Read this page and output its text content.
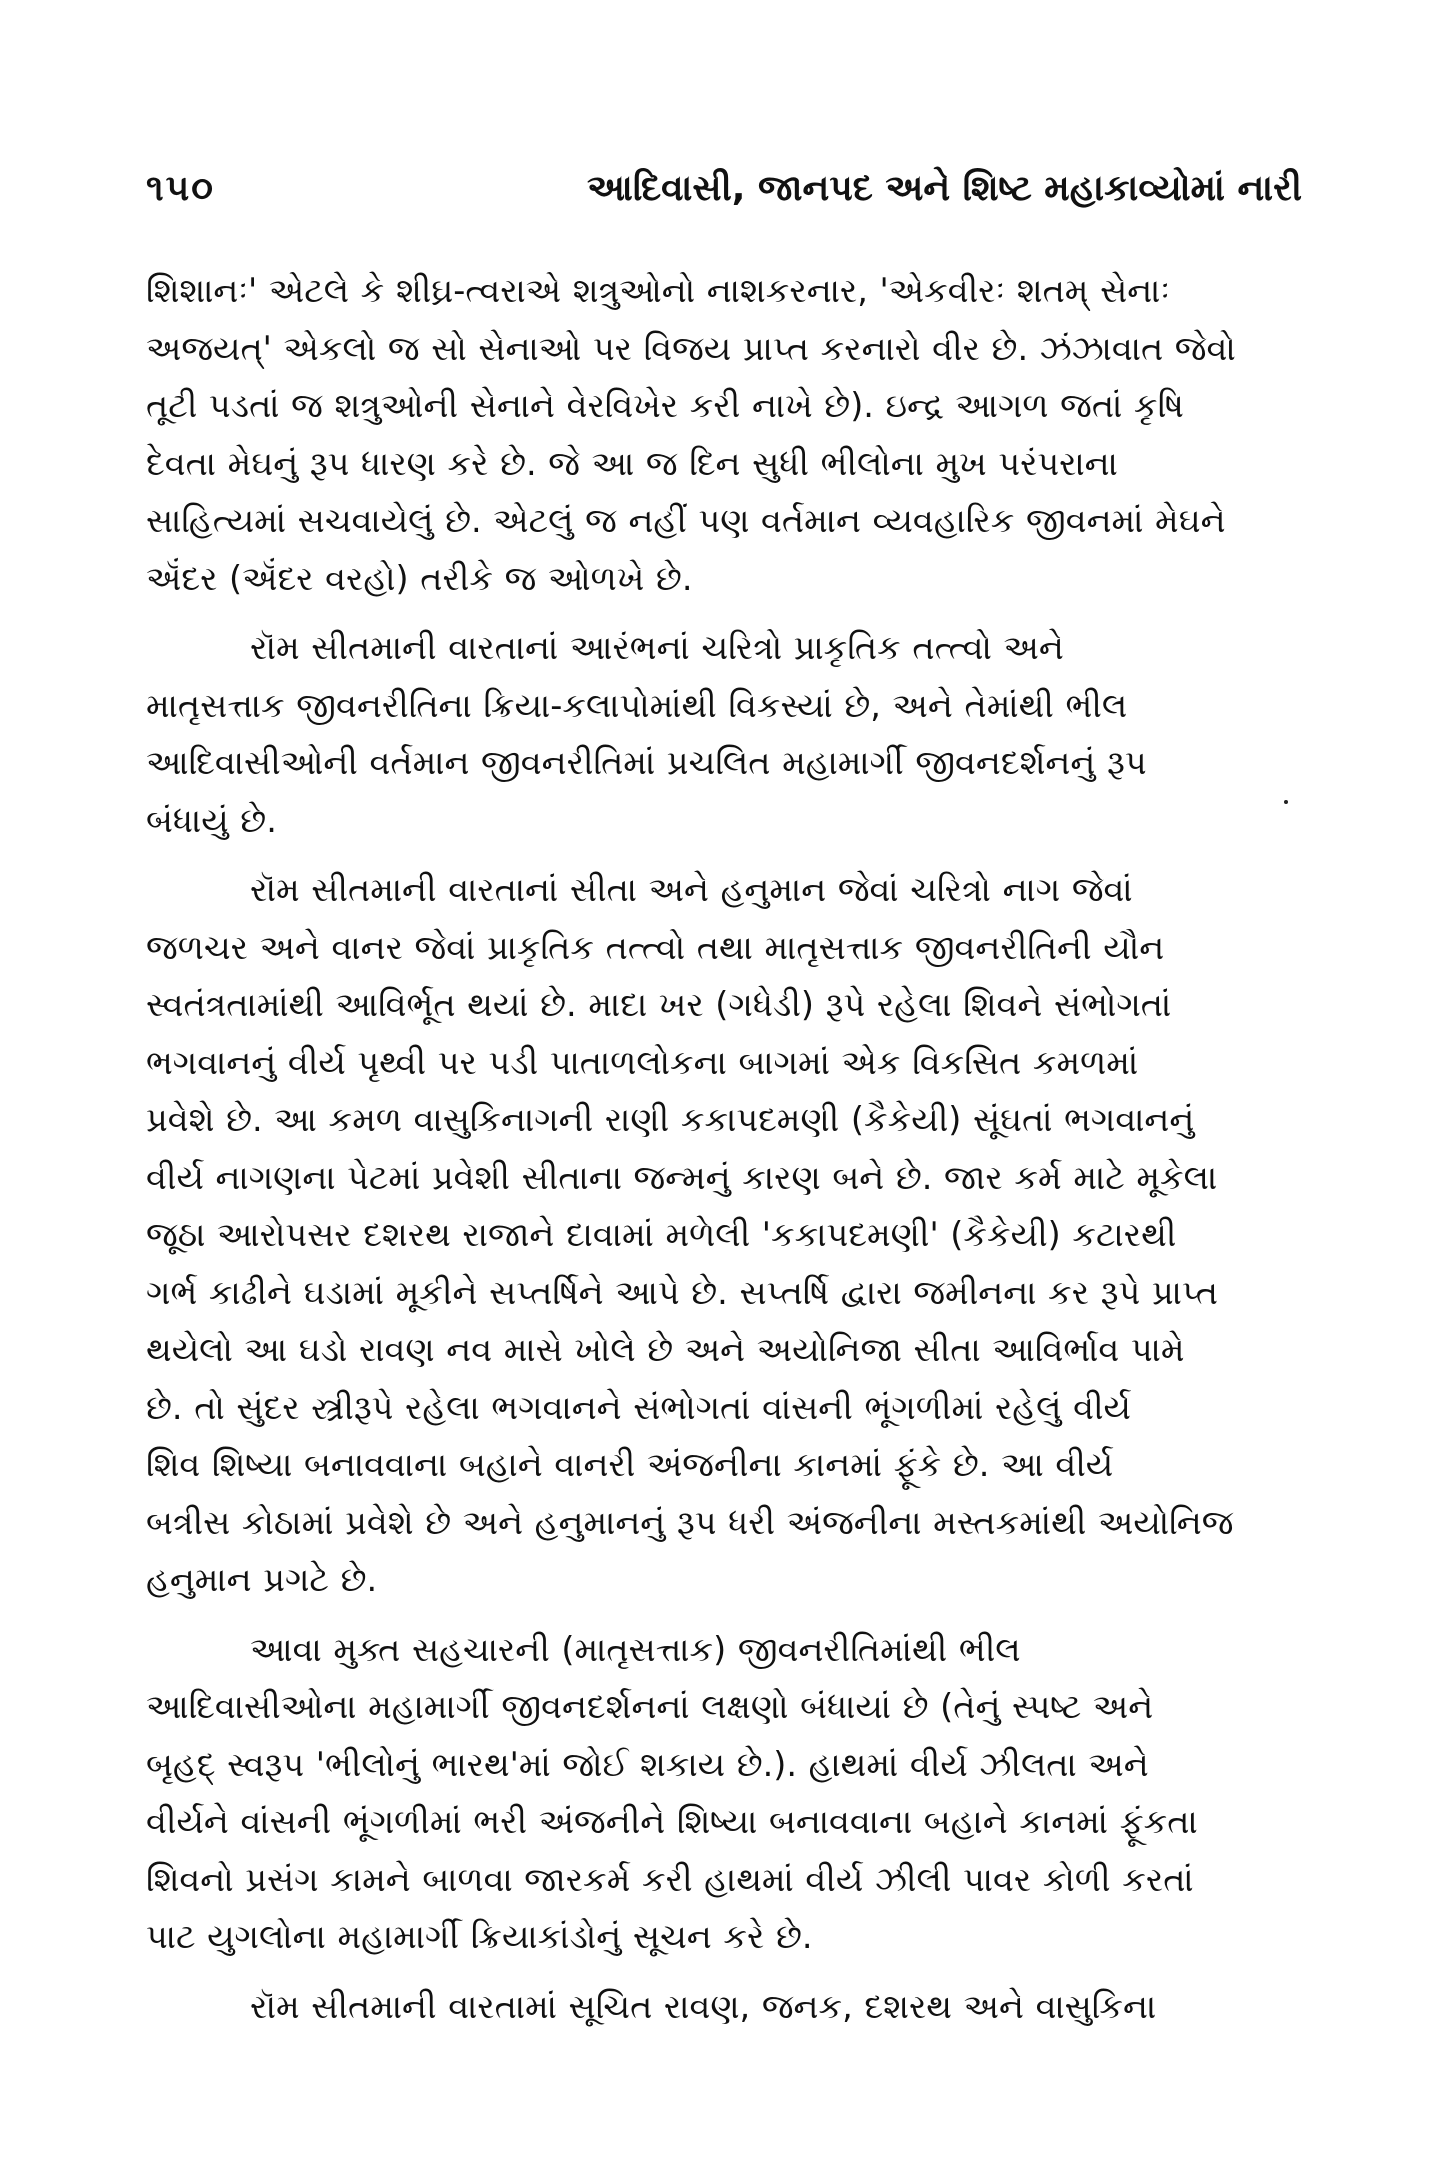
૧૫૦	આદિવાસી, જાનપદ અને શિષ્ટ મહાકાવ્યોમાં નારી

શિશાનઃ' એટલે કે શીઘ્ર-ત્વરાએ શત્રુઓનો નાશકરનાર, 'એકવીરઃ શતમ્ સેનાઃ
અજયત્' એકલો જ સો સેનાઓ પર વિજય પ્રાપ્ત કરનારો વીર છે. ઝંઝાવાત જેવો
તૂટી પડતાં જ શત્રુઓની સેનાને વેરવિખેર કરી નાખે છે). ઇન્દ્ર આગળ જતાં કૃષિ
દેવતા મેઘનું રૂપ ધારણ કરે છે. જે આ જ દિન સુધી ભીલોના મુખ પરંપરાના
સાહિત્યમાં સચવાયેલું છે. એટલું જ નહીં પણ વર્તમાન વ્યવહારિક જીવનમાં મેઘને
ઍંદર (ઍંદર વરહો) તરીકે જ ઓળખે છે.

રૉમ સીતમાની વારતાનાં આરંભનાં ચરિત્રો પ્રાકૃતિક તત્ત્વો અને
માતૃસત્તાક જીવનરીતિના ક્રિયા-કલાપોમાંથી વિકસ્યાં છે, અને તેમાંથી ભીલ
આદિવાસીઓની વર્તમાન જીવનરીતિમાં પ્રચલિત મહામાર્ગી જીવનદર્શનનું રૂપ
બંધાયું છે.

રૉમ સીતમાની વારતાનાં સીતા અને હનુમાન જેવાં ચરિત્રો નાગ જેવાં
જળચર અને વાનર જેવાં પ્રાકૃતિક તત્ત્વો તથા માતૃસત્તાક જીવનરીતિની યૌન
સ્વતંત્રતામાંથી આવિર્ભૂત થયાં છે. માદા ખર (ગધેડી) રૂપે રહેલા શિવને સંભોગતાં
ભગવાનનું વીર્ય પૃથ્વી પર પડી પાતાળલોકના બાગમાં એક વિકસિત કમળમાં
પ્રવેશે છે. આ કમળ વાસુકિનાગની રાણી કકાપદમણી (કૈકેયી) સૂંઘતાં ભગવાનનું
વીર્ય નાગણના પેટમાં પ્રવેશી સીતાના જન્મનું કારણ બને છે. જાર કર્મ માટે મૂકેલા
જૂઠા આરોપસર દશરથ રાજાને દાવામાં મળેલી 'કકાપદમણી' (કૈકેયી) કટારથી
ગર્ભ કાઢીને ઘડામાં મૂકીને સપ્તર્ષિને આપે છે. સપ્તર્ષિ દ્વારા જમીનના કર રૂપે પ્રાપ્ત
થયેલો આ ઘડો રાવણ નવ માસે ખોલે છે અને અયોનિજા સીતા આવિર્ભાવ પામે
છે. તો સુંદર સ્ત્રીરૂપે રહેલા ભગવાનને સંભોગતાં વાંસની ભૂંગળીમાં રહેલું વીર્ય
શિવ શિષ્યા બનાવવાના બહાને વાનરી અંજનીના કાનમાં ફૂંકે છે. આ વીર્ય
બત્રીસ કોઠામાં પ્રવેશે છે અને હનુમાનનું રૂપ ધરી અંજનીના મસ્તકમાંથી અયોનિજ
હનુમાન પ્રગટે છે.

આવા મુક્ત સહચારની (માતૃસત્તાક) જીવનરીતિમાંથી ભીલ
આદિવાસીઓના મહામાર્ગી જીવનદર્શનનાં લક્ષણો બંધાયાં છે (તેનું સ્પષ્ટ અને
બૃહદ્ સ્વરૂપ 'ભીલોનું ભારથ'માં જોઈ શકાય છે.). હાથમાં વીર્ય ઝીલતા અને
વીર્યને વાંસની ભૂંગળીમાં ભરી અંજનીને શિષ્યા બનાવવાના બહાને કાનમાં ફૂંકતા
શિવનો પ્રસંગ કામને બાળવા જારકર્મ કરી હાથમાં વીર્ય ઝીલી પાવર કોળી કરતાં
પાટ યુગલોના મહામાર્ગી ક્રિયાકાંડોનું સૂચન કરે છે.

રૉમ સીતમાની વારતામાં સૂચિત રાવણ, જનક, દશરથ અને વાસુકિના
